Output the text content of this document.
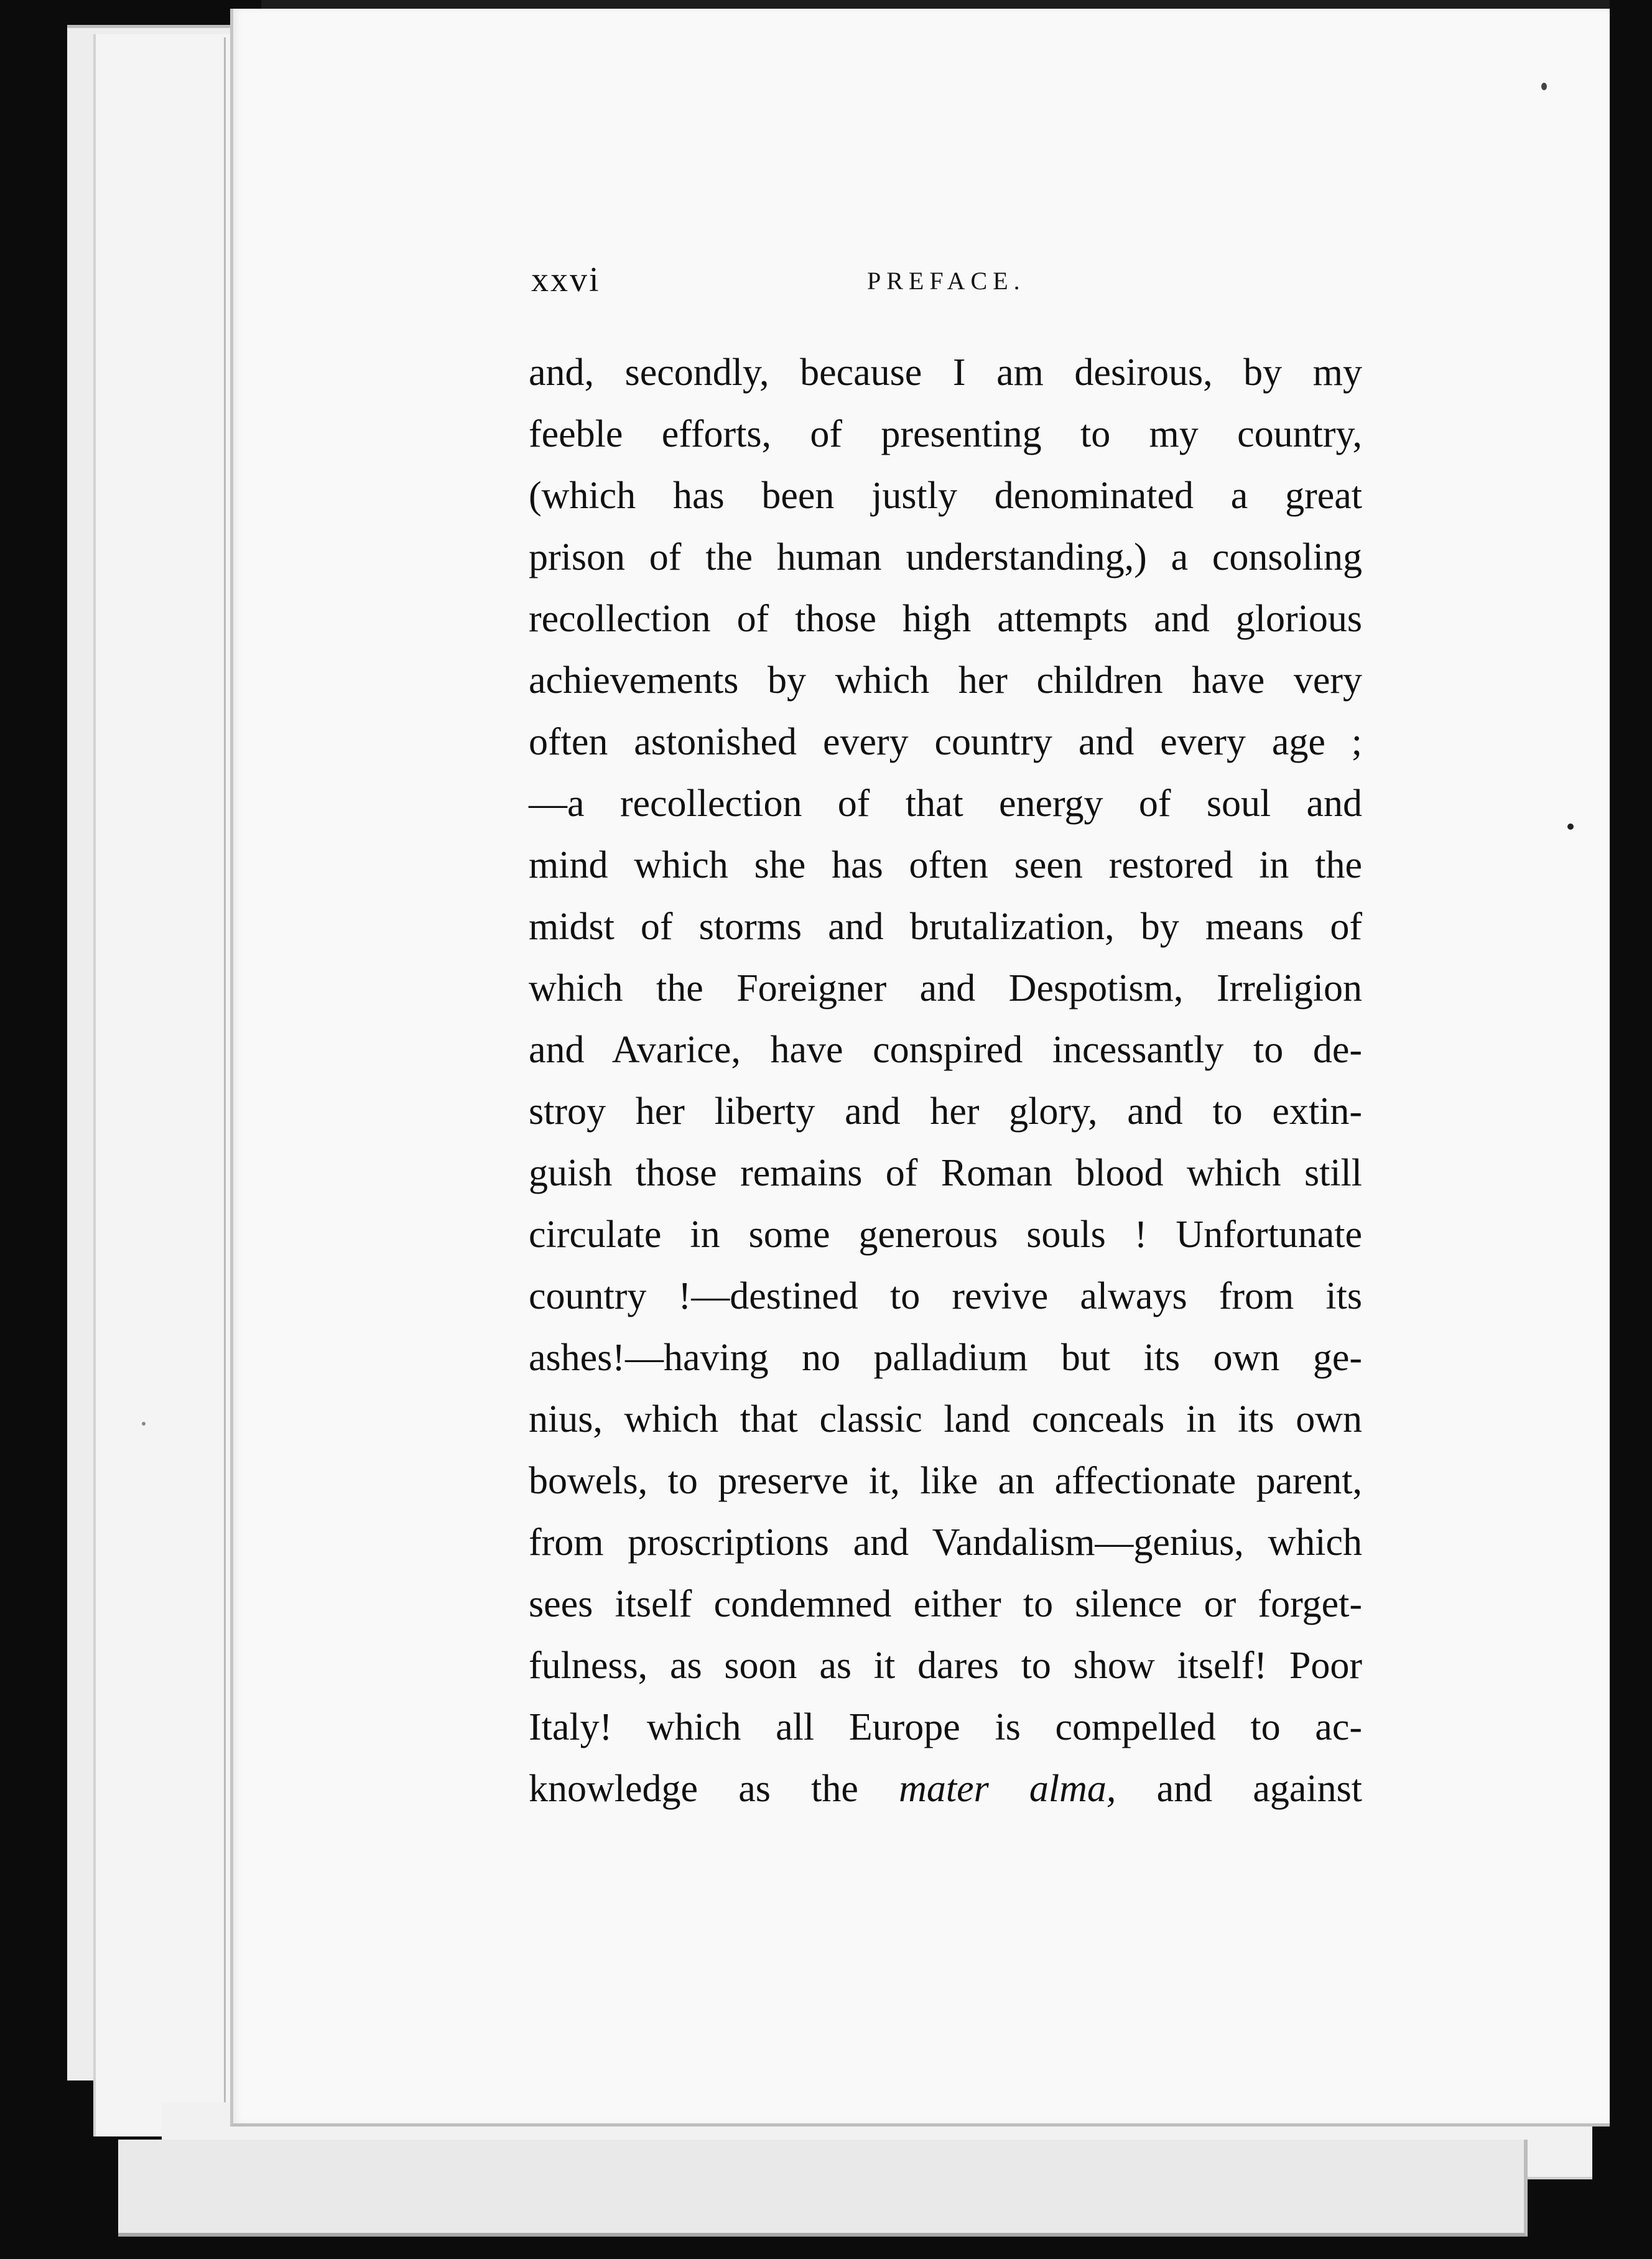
xxvi	PREFACE.
and, secondly, because I am desirous, by my
feeble efforts, of presenting to my country,
(which has been justly denominated a great
prison of the human understanding,) a consoling
recollection of those high attempts and glorious
achievements by which her children have very
often astonished every country and every age ;
—a recollection of that energy of soul and
mind which she has often seen restored in the
midst of storms and brutalization, by means of
which the Foreigner and Despotism, Irreligion
and Avarice, have conspired incessantly to de-
stroy her liberty and her glory, and to extin-
guish those remains of Roman blood which still
circulate in some generous souls ! Unfortunate
country !—destined to revive always from its
ashes!—having no palladium but its own ge-
nius, which that classic land conceals in its own
bowels, to preserve it, like an affectionate parent,
from proscriptions and Vandalism—genius, which
sees itself condemned either to silence or forget-
fulness, as soon as it dares to show itself! Poor
Italy! which all Europe is compelled to ac-
knowledge as the mater alma, and against
